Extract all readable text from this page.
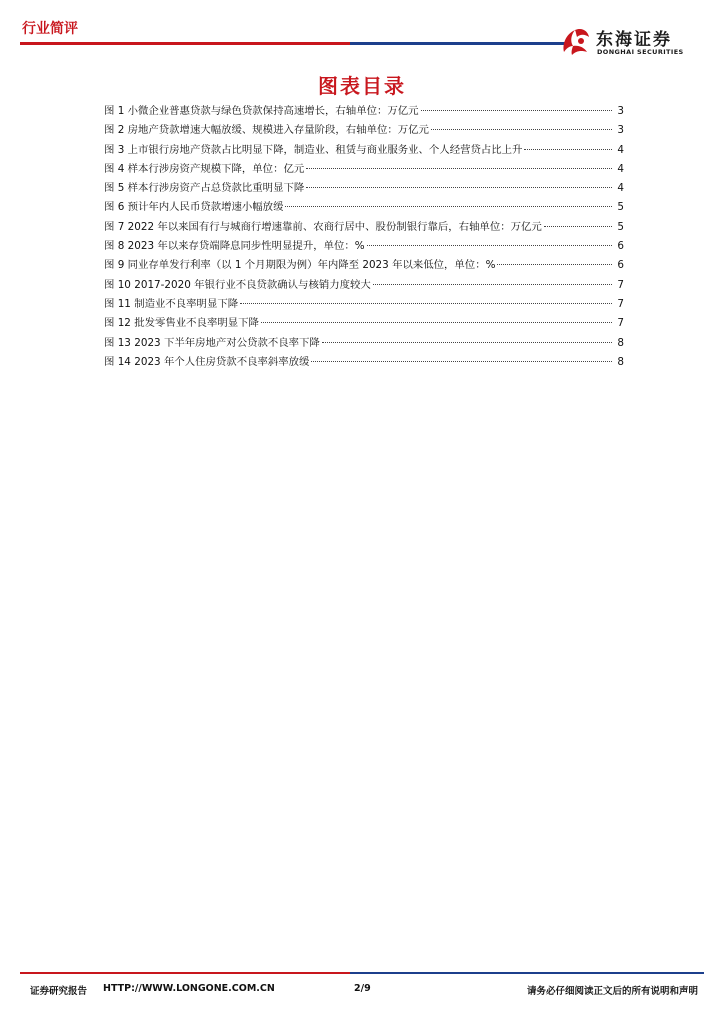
行业简评
东海证券
DONGHAI SECURITIES
图表目录
图 1 小微企业普惠贷款与绿色贷款保持高速增长，右轴单位：万亿元	3
图 2 房地产贷款增速大幅放缓、规模进入存量阶段，右轴单位：万亿元	3
图 3 上市银行房地产贷款占比明显下降，制造业、租赁与商业服务业、个人经营贷占比上升	4
图 4 样本行涉房资产规模下降，单位：亿元	4
图 5 样本行涉房资产占总贷款比重明显下降	4
图 6 预计年内人民币贷款增速小幅放缓	5
图 7 2022 年以来国有行与城商行增速靠前、农商行居中、股份制银行靠后，右轴单位：万亿元	5
图 8 2023 年以来存贷端降息同步性明显提升，单位：%	6
图 9 同业存单发行利率（以 1 个月期限为例）年内降至 2023 年以来低位，单位：%	6
图 10 2017-2020 年银行业不良贷款确认与核销力度较大	7
图 11 制造业不良率明显下降	7
图 12 批发零售业不良率明显下降	7
图 13 2023 下半年房地产对公贷款不良率下降	8
图 14 2023 年个人住房贷款不良率斜率放缓	8
证券研究报告 HTTP://WWW.LONGONE.COM.CN	2/9	请务必仔细阅读正文后的所有说明和声明
